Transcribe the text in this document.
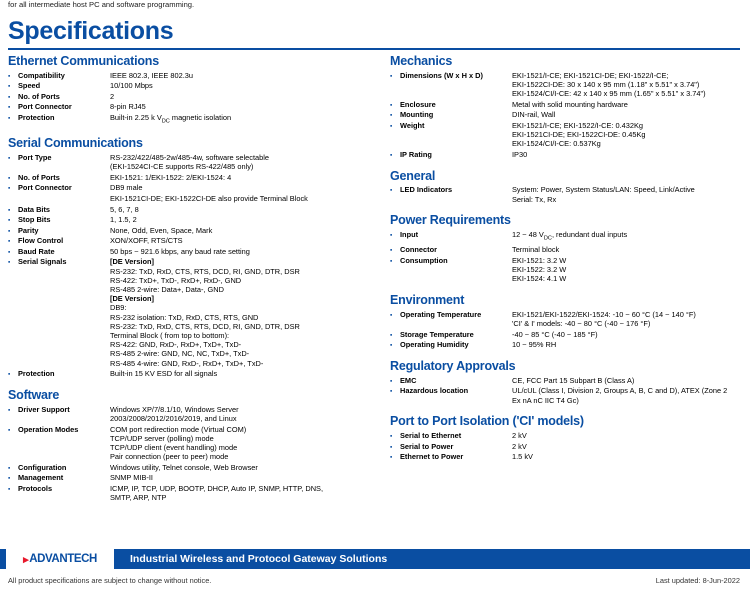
for all intermediate host PC and software programming.
Specifications
Ethernet Communications
▪	Compatibility	IEEE 802.3, IEEE 802.3u
▪	Speed	10/100 Mbps
▪	No. of Ports	2
▪	Port Connector	8-pin RJ45
▪	Protection	Built-in 2.25 k $V_{DC}$ magnetic isolation
Serial Communications
▪	Port Type	RS-232/422/485-2w/485-4w, software selectable
(EKI-1524CI-CE supports RS-422/485 only)
▪	No. of Ports	EKI-1521: 1/EKI-1522: 2/EKI-1524: 4
▪	Port Connector	DB9 male
		EKI-1521CI-DE; EKI-1522CI-DE also provide Terminal Block
▪	Data Bits	5, 6, 7, 8
▪	Stop Bits	1, 1.5, 2
▪	Parity	None, Odd, Even, Space, Mark
▪	Flow Control	XON/XOFF, RTS/CTS
▪	Baud Rate	50 bps ~ 921.6 kbps, any baud rate setting
▪	Serial Signals	[DE Version]
RS-232: TxD, RxD, CTS, RTS, DCD, RI, GND, DTR, DSR
RS-422: TxD+, TxD-, RxD+, RxD-, GND
RS-485 2-wire: Data+, Data-, GND
[DE Version]
DB9:
RS-232 isolation: TxD, RxD, CTS, RTS, GND
RS-232: TxD, RxD, CTS, RTS, DCD, RI, GND, DTR, DSR
Terminal Block ( from top to bottom):
RS-422: GND, RxD-, RxD+, TxD+, TxD-
RS-485 2-wire: GND, NC, NC, TxD+, TxD-
RS-485 4-wire: GND, RxD-, RxD+, TxD+, TxD-
▪	Protection	Built-in 15 KV ESD for all signals
Software
▪	Driver Support	Windows XP/7/8.1/10, Windows Server
2003/2008/2012/2016/2019, and Linux
▪	Operation Modes	COM port redirection mode (Virtual COM)
TCP/UDP server (polling) mode
TCP/UDP client (event handling) mode
Pair connection (peer to peer) mode
▪	Configuration	Windows utility, Telnet console, Web Browser
▪	Management	SNMP MIB-II
▪	Protocols	ICMP, IP, TCP, UDP, BOOTP, DHCP, Auto IP, SNMP, HTTP, DNS,
SMTP, ARP, NTP
Mechanics
▪	Dimensions (W x H x D)	EKI-1521/I-CE; EKI-1521CI-DE; EKI-1522/I-CE;
EKI-1522CI-DE: 30 x 140 x 95 mm (1.18" x 5.51" x 3.74")
EKI-1524/CI/I-CE: 42 x 140 x 95 mm (1.65" x 5.51" x 3.74")
▪	Enclosure	Metal with solid mounting hardware
▪	Mounting	DIN-rail, Wall
▪	Weight	EKI-1521/I-CE; EKI-1522/I-CE: 0.432Kg
EKI-1521CI-DE; EKI-1522CI-DE: 0.45Kg
EKI-1524/CI/I-CE: 0.537Kg
▪	IP Rating	IP30
General
▪	LED Indicators	System: Power, System Status/LAN: Speed, Link/Active
Serial: Tx, Rx
Power Requirements
▪	Input	12 ~ 48 $V_{DC}$, redundant dual inputs
▪	Connector	Terminal block
▪	Consumption	EKI-1521: 3.2 W
EKI-1522: 3.2 W
EKI-1524: 4.1 W
Environment
▪	Operating Temperature	EKI-1521/EKI-1522/EKI-1524: -10 ~ 60 °C (14 ~ 140 °F)
'CI' & I' models: -40 ~ 80 °C (-40 ~ 176 °F)
▪	Storage Temperature	-40 ~ 85 °C (-40 ~ 185 °F)
▪	Operating Humidity	10 ~ 95% RH
Regulatory Approvals
▪	EMC	CE, FCC Part 15 Subpart B (Class A)
▪	Hazardous location	UL/cUL (Class I, Division 2, Groups A, B, C and D), ATEX (Zone 2
Ex nA nC IIC T4 Gc)
Port to Port Isolation ('CI' models)
▪	Serial to Ethernet	2 kV
▪	Serial to Power	2 kV
▪	Ethernet to Power	1.5 kV
▸ ADVANTECH	Industrial Wireless and Protocol Gateway Solutions
All product specifications are subject to change without notice.	Last updated: 8-Jun-2022
